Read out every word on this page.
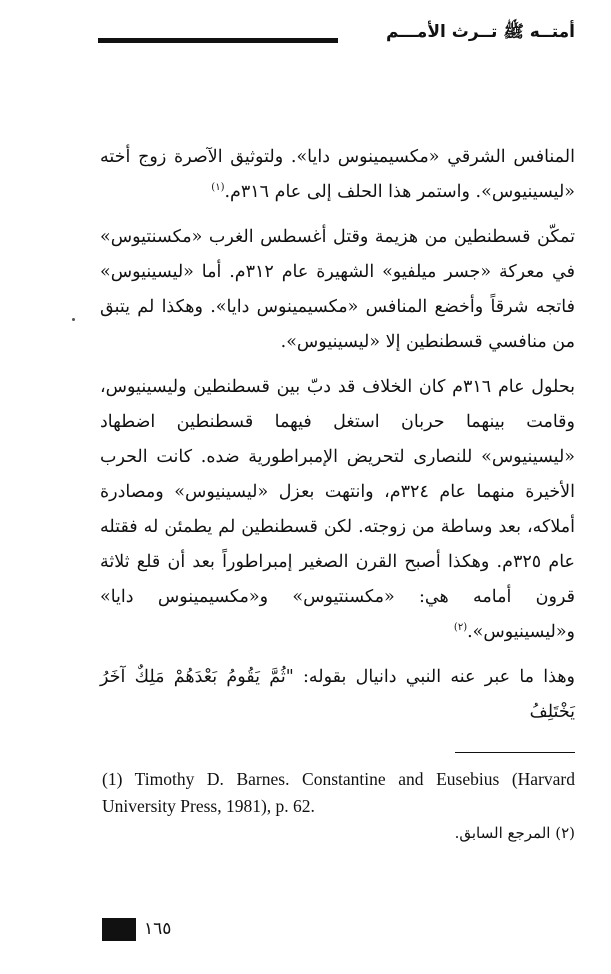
أمتــه ﷺ تــرث الأمـــم

المنافس الشرقي «مكسيمينوس دايا». ولتوثيق الآصرة زوج أخته «ليسينيوس». واستمر هذا الحلف إلى عام ٣١٦م.$^{(١)}$

تمكّن قسطنطين من هزيمة وقتل أغسطس الغرب «مكسنتيوس» في معركة «جسر ميلفيو» الشهيرة عام ٣١٢م. أما «ليسينيوس» فاتجه شرقاً وأخضع المنافس «مكسيمينوس دايا». وهكذا لم يتبق من منافسي قسطنطين إلا «ليسينيوس».

بحلول عام ٣١٦م كان الخلاف قد دبّ بين قسطنطين وليسينيوس، وقامت بينهما حربان استغل فيهما قسطنطين اضطهاد «ليسينيوس» للنصارى لتحريض الإمبراطورية ضده. كانت الحرب الأخيرة منهما عام ٣٢٤م، وانتهت بعزل «ليسينيوس» ومصادرة أملاكه، بعد وساطة من زوجته. لكن قسطنطين لم يطمئن له فقتله عام ٣٢٥م. وهكذا أصبح القرن الصغير إمبراطوراً بعد أن قلع ثلاثة قرون أمامه هي: «مكسنتيوس» و«مكسيمينوس دايا» و«ليسينيوس».$^{(٢)}$

وهذا ما عبر عنه النبي دانيال بقوله: "ثُمَّ يَقُومُ بَعْدَهُمْ مَلِكٌ آخَرُ يَخْتَلِفُ

(1) Timothy D. Barnes. Constantine and Eusebius (Harvard University Press, 1981), p. 62.
(٢) المرجع السابق.
١٦٥
